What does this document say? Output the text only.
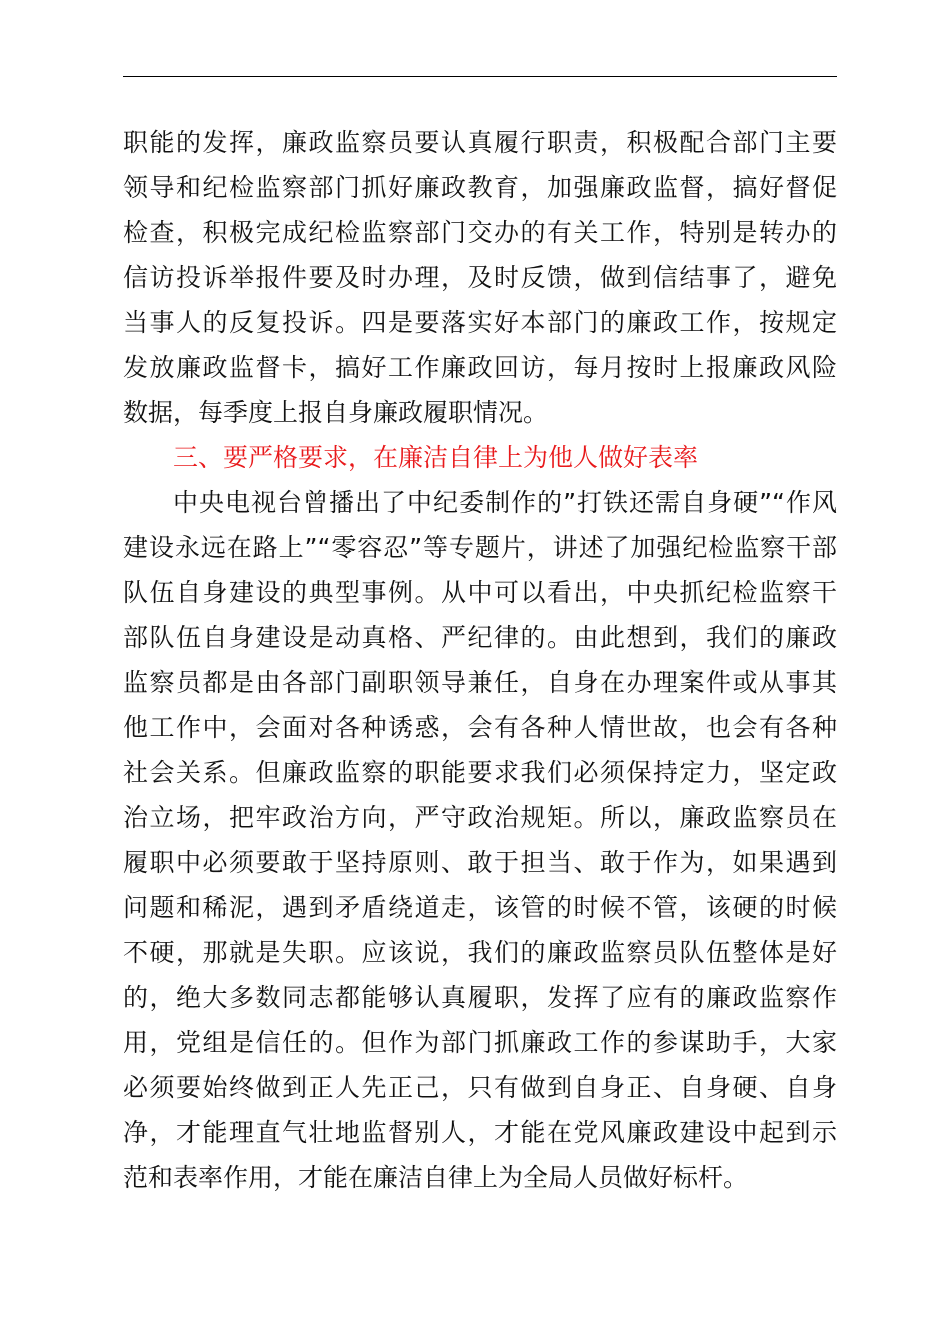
职能的发挥，廉政监察员要认真履行职责，积极配合部门主要
领导和纪检监察部门抓好廉政教育，加强廉政监督，搞好督促
检查，积极完成纪检监察部门交办的有关工作，特别是转办的
信访投诉举报件要及时办理，及时反馈，做到信结事了，避免
当事人的反复投诉。四是要落实好本部门的廉政工作，按规定
发放廉政监督卡，搞好工作廉政回访，每月按时上报廉政风险
数据，每季度上报自身廉政履职情况。
三、要严格要求，在廉洁自律上为他人做好表率
中央电视台曾播出了中纪委制作的”打铁还需自身硬”“作风
建设永远在路上”“零容忍”等专题片，讲述了加强纪检监察干部
队伍自身建设的典型事例。从中可以看出，中央抓纪检监察干
部队伍自身建设是动真格、严纪律的。由此想到，我们的廉政
监察员都是由各部门副职领导兼任，自身在办理案件或从事其
他工作中，会面对各种诱惑，会有各种人情世故，也会有各种
社会关系。但廉政监察的职能要求我们必须保持定力，坚定政
治立场，把牢政治方向，严守政治规矩。所以，廉政监察员在
履职中必须要敢于坚持原则、敢于担当、敢于作为，如果遇到
问题和稀泥，遇到矛盾绕道走，该管的时候不管，该硬的时候
不硬，那就是失职。应该说，我们的廉政监察员队伍整体是好
的，绝大多数同志都能够认真履职，发挥了应有的廉政监察作
用，党组是信任的。但作为部门抓廉政工作的参谋助手，大家
必须要始终做到正人先正己，只有做到自身正、自身硬、自身
净，才能理直气壮地监督别人，才能在党风廉政建设中起到示
范和表率作用，才能在廉洁自律上为全局人员做好标杆。
